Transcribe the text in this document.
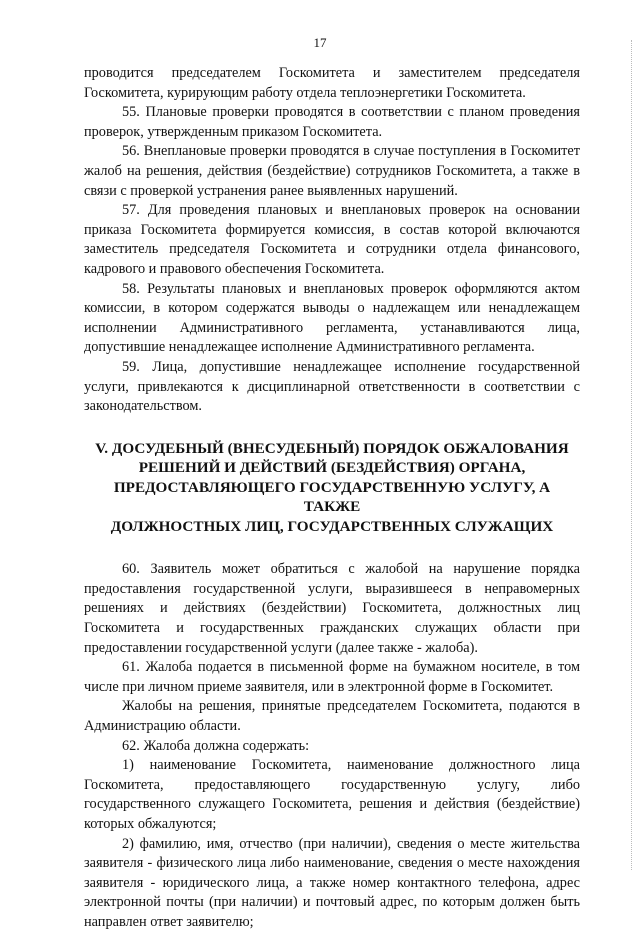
17

проводится председателем Госкомитета и заместителем председателя Госкомитета, курирующим работу отдела теплоэнергетики Госкомитета.

55. Плановые проверки проводятся в соответствии с планом проведения проверок, утвержденным приказом Госкомитета.

56. Внеплановые проверки проводятся в случае поступления в Госкомитет жалоб на решения, действия (бездействие) сотрудников Госкомитета, а также в связи с проверкой устранения ранее выявленных нарушений.

57. Для проведения плановых и внеплановых проверок на основании приказа Госкомитета формируется комиссия, в состав которой включаются заместитель председателя Госкомитета и сотрудники отдела финансового, кадрового и правового обеспечения Госкомитета.

58. Результаты плановых и внеплановых проверок оформляются актом комиссии, в котором содержатся выводы о надлежащем или ненадлежащем исполнении Административного регламента, устанавливаются лица, допустившие ненадлежащее исполнение Административного регламента.

59. Лица, допустившие ненадлежащее исполнение государственной услуги, привлекаются к дисциплинарной ответственности в соответствии с законодательством.

V. ДОСУДЕБНЫЙ (ВНЕСУДЕБНЫЙ) ПОРЯДОК ОБЖАЛОВАНИЯ
РЕШЕНИЙ И ДЕЙСТВИЙ (БЕЗДЕЙСТВИЯ) ОРГАНА,
ПРЕДОСТАВЛЯЮЩЕГО ГОСУДАРСТВЕННУЮ УСЛУГУ, А ТАКЖЕ
ДОЛЖНОСТНЫХ ЛИЦ, ГОСУДАРСТВЕННЫХ СЛУЖАЩИХ

60. Заявитель может обратиться с жалобой на нарушение порядка предоставления государственной услуги, выразившееся в неправомерных решениях и действиях (бездействии) Госкомитета, должностных лиц Госкомитета и государственных гражданских служащих области при предоставлении государственной услуги (далее также - жалоба).

61. Жалоба подается в письменной форме на бумажном носителе, в том числе при личном приеме заявителя, или в электронной форме в Госкомитет.

Жалобы на решения, принятые председателем Госкомитета, подаются в Администрацию области.

62. Жалоба должна содержать:

1) наименование Госкомитета, наименование должностного лица Госкомитета, предоставляющего государственную услугу, либо государственного служащего Госкомитета, решения и действия (бездействие) которых обжалуются;

2) фамилию, имя, отчество (при наличии), сведения о месте жительства заявителя - физического лица либо наименование, сведения о месте нахождения заявителя - юридического лица, а также номер контактного телефона, адрес электронной почты (при наличии) и почтовый адрес, по которым должен быть направлен ответ заявителю;
